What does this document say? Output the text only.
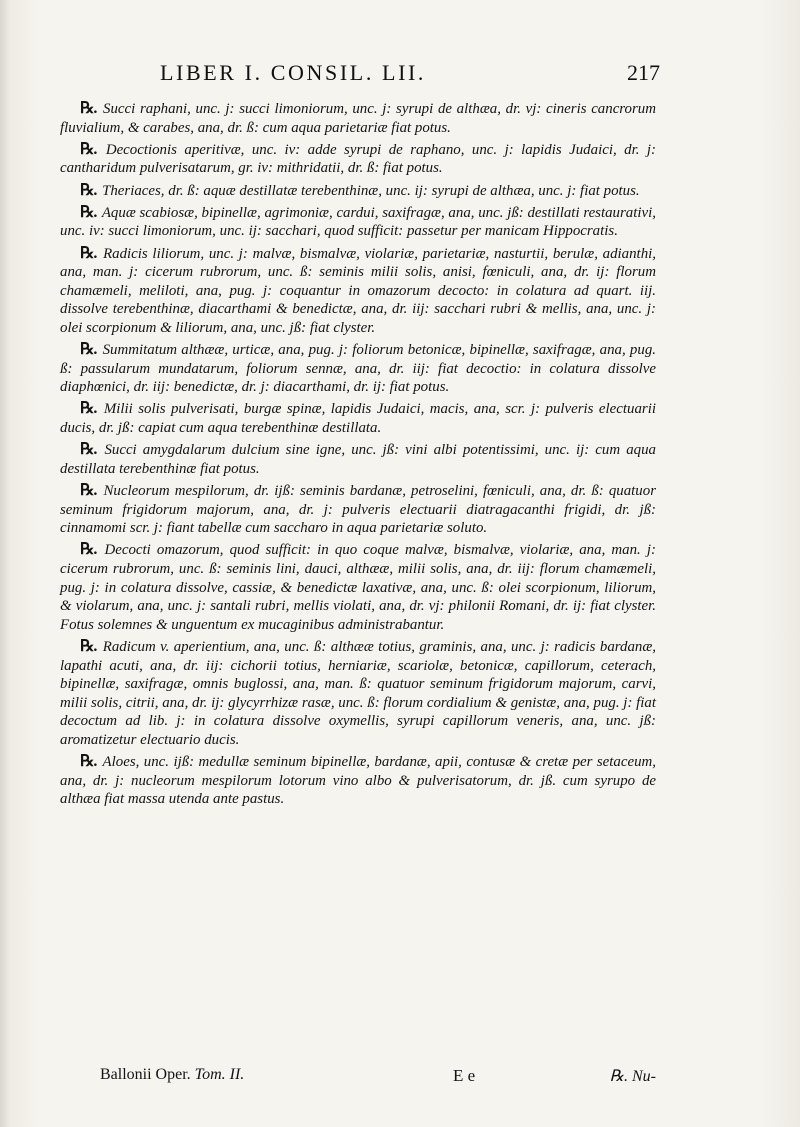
LIBER I. CONSIL. LII.	217

℞. Succi raphani, unc. j: succi limoniorum, unc. j: syrupi de althæa, dr. vj: cineris cancrorum fluvialium, & carabes, ana, dr. ß: cum aqua parietariæ fiat potus.

℞. Decoctionis aperitivæ, unc. iv: adde syrupi de raphano, unc. j: lapidis Judaici, dr. j: cantharidum pulverisatarum, gr. iv: mithridatii, dr. ß: fiat potus.

℞. Theriaces, dr. ß: aquæ destillatæ terebenthinæ, unc. ij: syrupi de althæa, unc. j: fiat potus.

℞. Aquæ scabiosæ, bipinellæ, agrimoniæ, cardui, saxifragæ, ana, unc. jß: destillati restaurativi, unc. iv: succi limoniorum, unc. ij: sacchari, quod sufficit: passetur per manicam Hippocratis.

℞. Radicis liliorum, unc. j: malvæ, bismalvæ, violariæ, parietariæ, nasturtii, berulæ, adianthi, ana, man. j: cicerum rubrorum, unc. ß: seminis milii solis, anisi, fœniculi, ana, dr. ij: florum chamæmeli, meliloti, ana, pug. j: coquantur in omazorum decocto: in colatura ad quart. iij. dissolve terebenthinæ, diacarthami & benedictæ, ana, dr. iij: sacchari rubri & mellis, ana, unc. j: olei scorpionum & liliorum, ana, unc. jß: fiat clyster.

℞. Summitatum althææ, urticæ, ana, pug. j: foliorum betonicæ, bipinellæ, saxifragæ, ana, pug. ß: passularum mundatarum, foliorum sennæ, ana, dr. iij: fiat decoctio: in colatura dissolve diaphœnici, dr. iij: benedictæ, dr. j: diacarthami, dr. ij: fiat potus.

℞. Milii solis pulverisati, burgæ spinæ, lapidis Judaici, macis, ana, scr. j: pulveris electuarii ducis, dr. jß: capiat cum aqua terebenthinæ destillata.

℞. Succi amygdalarum dulcium sine igne, unc. jß: vini albi potentissimi, unc. ij: cum aqua destillata terebenthinæ fiat potus.

℞. Nucleorum mespilorum, dr. ijß: seminis bardanæ, petroselini, fœniculi, ana, dr. ß: quatuor seminum frigidorum majorum, ana, dr. j: pulveris electuarii diatragacanthi frigidi, dr. jß: cinnamomi scr. j: fiant tabellæ cum saccharo in aqua parietariæ soluto.

℞. Decocti omazorum, quod sufficit: in quo coque malvæ, bismalvæ, violariæ, ana, man. j: cicerum rubrorum, unc. ß: seminis lini, dauci, althææ, milii solis, ana, dr. iij: florum chamæmeli, pug. j: in colatura dissolve, cassiæ, & benedictæ laxativæ, ana, unc. ß: olei scorpionum, liliorum, & violarum, ana, unc. j: santali rubri, mellis violati, ana, dr. vj: philonii Romani, dr. ij: fiat clyster. Fotus solemnes & unguentum ex mucaginibus administrabantur.

℞. Radicum v. aperientium, ana, unc. ß: althææ totius, graminis, ana, unc. j: radicis bardanæ, lapathi acuti, ana, dr. iij: cichorii totius, herniariæ, scariolæ, betonicæ, capillorum, ceterach, bipinellæ, saxifragæ, omnis buglossi, ana, man. ß: quatuor seminum frigidorum majorum, carvi, milii solis, citrii, ana, dr. ij: glycyrrhizæ rasæ, unc. ß: florum cordialium & genistæ, ana, pug. j: fiat decoctum ad lib. j: in colatura dissolve oxymellis, syrupi capillorum veneris, ana, unc. jß: aromatizetur electuario ducis.

℞. Aloes, unc. ijß: medullæ seminum bipinellæ, bardanæ, apii, contusæ & cretæ per setaceum, ana, dr. j: nucleorum mespilorum lotorum vino albo & pulverisatorum, dr. jß. cum syrupo de althæa fiat massa utenda ante pastus.

Ballonii Oper. Tom. II.	E e	℞. Nu-
